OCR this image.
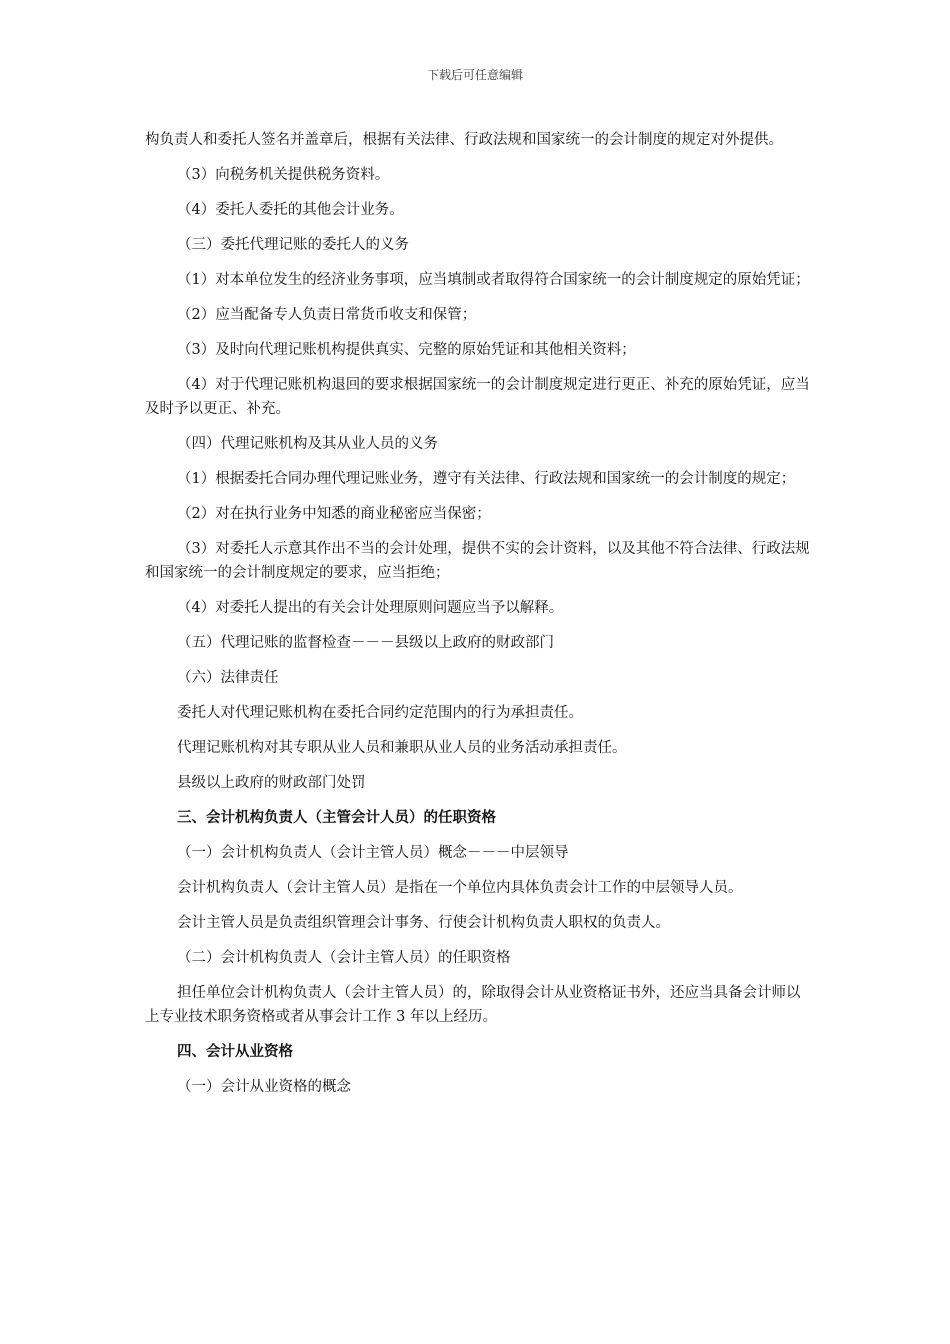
下载后可任意编辑

构负责人和委托人签名并盖章后，根据有关法律、行政法规和国家统一的会计制度的规定对外提供。

（3）向税务机关提供税务资料。

（4）委托人委托的其他会计业务。

（三）委托代理记账的委托人的义务

（1）对本单位发生的经济业务事项，应当填制或者取得符合国家统一的会计制度规定的原始凭证；

（2）应当配备专人负责日常货币收支和保管；

（3）及时向代理记账机构提供真实、完整的原始凭证和其他相关资料；

（4）对于代理记账机构退回的要求根据国家统一的会计制度规定进行更正、补充的原始凭证，应当及时予以更正、补充。

（四）代理记账机构及其从业人员的义务

（1）根据委托合同办理代理记账业务，遵守有关法律、行政法规和国家统一的会计制度的规定；

（2）对在执行业务中知悉的商业秘密应当保密；

（3）对委托人示意其作出不当的会计处理，提供不实的会计资料，以及其他不符合法律、行政法规和国家统一的会计制度规定的要求，应当拒绝；

（4）对委托人提出的有关会计处理原则问题应当予以解释。

（五）代理记账的监督检查－－－县级以上政府的财政部门

（六）法律责任

委托人对代理记账机构在委托合同约定范围内的行为承担责任。

代理记账机构对其专职从业人员和兼职从业人员的业务活动承担责任。

县级以上政府的财政部门处罚

三、会计机构负责人（主管会计人员）的任职资格

（一）会计机构负责人（会计主管人员）概念－－－中层领导

会计机构负责人（会计主管人员）是指在一个单位内具体负责会计工作的中层领导人员。

会计主管人员是负责组织管理会计事务、行使会计机构负责人职权的负责人。

（二）会计机构负责人（会计主管人员）的任职资格

担任单位会计机构负责人（会计主管人员）的，除取得会计从业资格证书外，还应当具备会计师以上专业技术职务资格或者从事会计工作 3 年以上经历。

四、会计从业资格

（一）会计从业资格的概念
